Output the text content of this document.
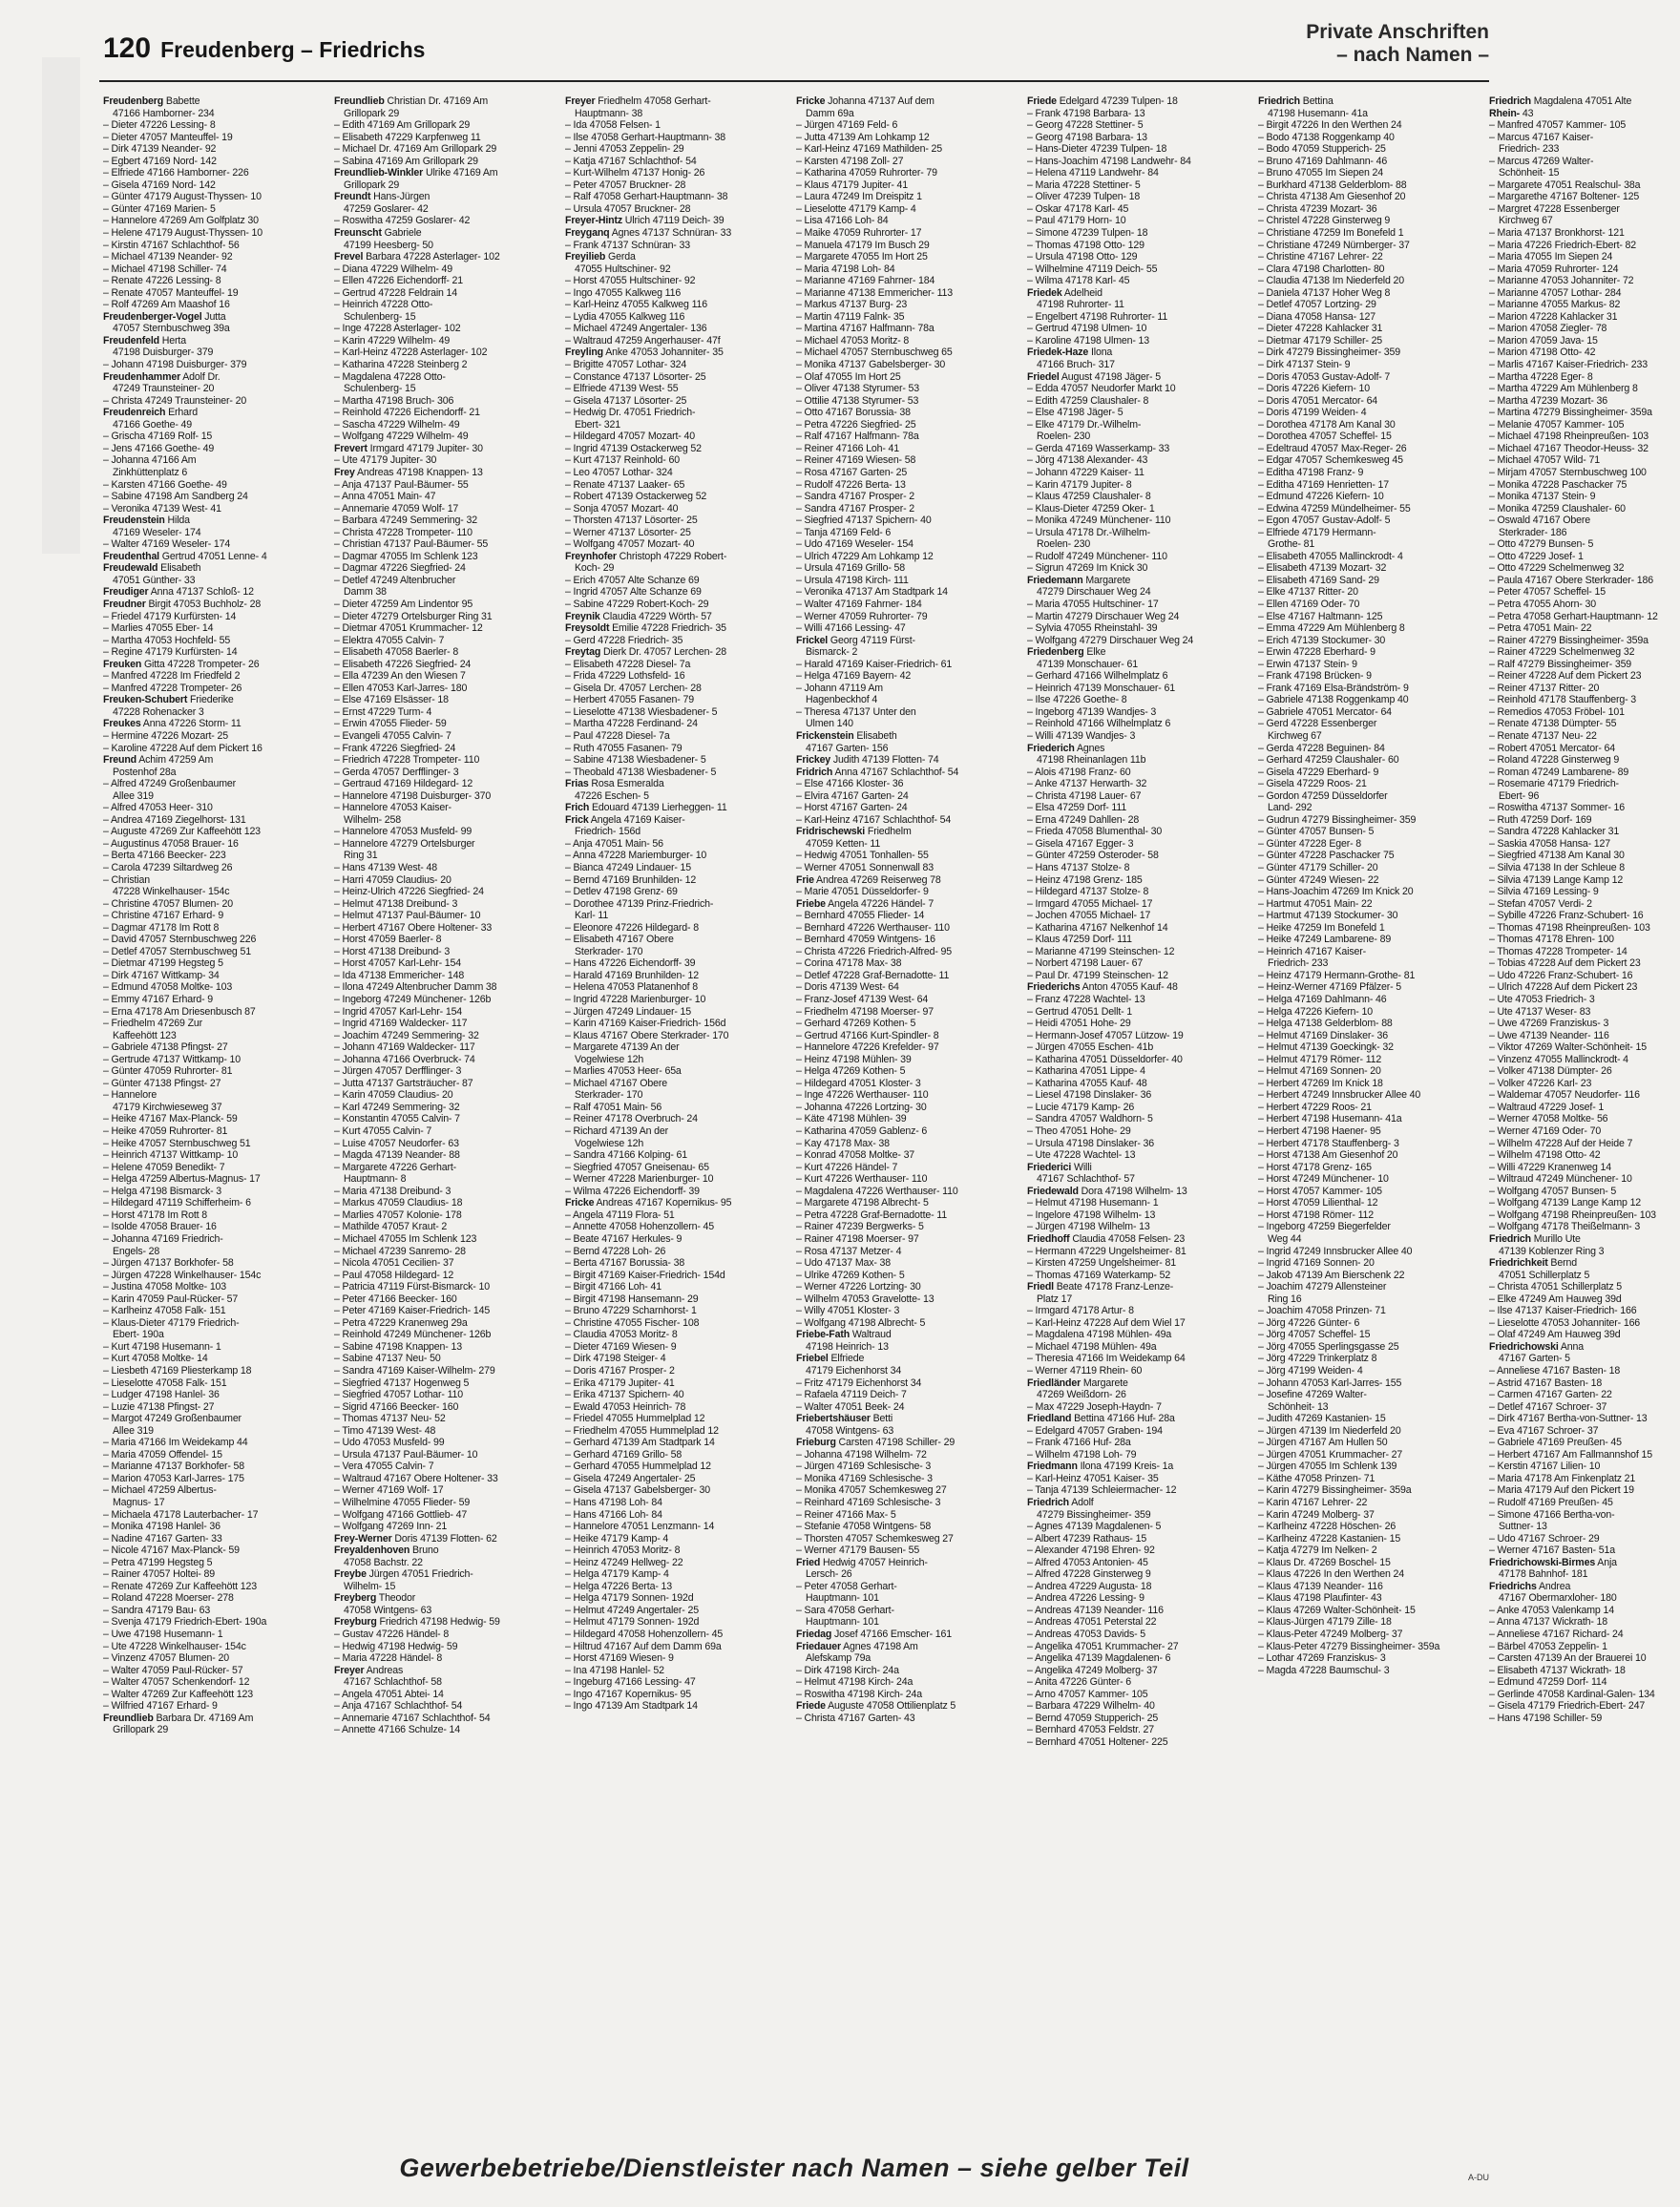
120 Freudenberg – Friedrichs
Private Anschriften
– nach Namen –
Freudenberg Babette
47166 Hamborner- 234
– Dieter 47226 Lessing- 8
– Dieter 47057 Manteuffel- 19
– Dirk 47139 Neander- 92
– Egbert 47169 Nord- 142
– Elfriede 47166 Hamborner- 226
– Gisela 47169 Nord- 142
– Günter 47179 August-Thyssen- 10
– Günter 47169 Marien- 5
– Hannelore 47269 Am Golfplatz 30
– Helene 47179 August-Thyssen- 10
– Kirstin 47167 Schlachthof- 56
– Michael 47139 Neander- 92
– Michael 47198 Schiller- 74
– Renate 47226 Lessing- 8
– Renate 47057 Manteuffel- 19
– Rolf 47269 Am Maashof 16
Freudenberger-Vogel Jutta
47057 Sternbuschweg 39a
Freudenfeld Herta
47198 Duisburger- 379
– Johann 47198 Duisburger- 379
Freudenhammer Adolf Dr.
47249 Traunsteiner- 20
– Christa 47249 Traunsteiner- 20
Freudenreich Erhard
47166 Goethe- 49
– Grischa 47169 Rolf- 15
– Jens 47166 Goethe- 49
– Johanna 47166 Am
Zinkhüttenplatz 6
– Karsten 47166 Goethe- 49
– Sabine 47198 Am Sandberg 24
– Veronika 47139 West- 41
Freudenstein Hilda
47169 Weseler- 174
– Walter 47169 Weseler- 174
Freudenthal Gertrud 47051 Lenne- 4
Freudewald Elisabeth
47051 Günther- 33
Freudiger Anna 47137 Schloß- 12
Freudner Birgit 47053 Buchholz- 28
– Friedel 47179 Kurfürsten- 14
– Marlies 47055 Eber- 14
– Martha 47053 Hochfeld- 55
– Regine 47179 Kurfürsten- 14
Freuken Gitta 47228 Trompeter- 26
– Manfred 47228 Im Friedfeld 2
– Manfred 47228 Trompeter- 26
Freuken-Schubert Friederike
47228 Rohenacker 3
Freukes Anna 47226 Storm- 11
– Hermine 47226 Mozart- 25
– Karoline 47228 Auf dem Pickert 16
Freund Achim 47259 Am
Postenhof 28a
– Alfred 47249 Großenbaumer
Allee 319
– Alfred 47053 Heer- 310
– Andrea 47169 Ziegelhorst- 131
– Auguste 47269 Zur Kaffeehött 123
– Augustinus 47058 Brauer- 16
– Berta 47166 Beecker- 223
– Carola 47239 Siltardweg 26
– Christian
47228 Winkelhauser- 154c
– Christine 47057 Blumen- 20
– Christine 47167 Erhard- 9
– Dagmar 47178 Im Rott 8
– David 47057 Sternbuschweg 226
– Detlef 47057 Sternbuschweg 51
– Dietmar 47199 Hegsteg 5
– Dirk 47167 Wittkamp- 34
– Edmund 47058 Moltke- 103
– Emmy 47167 Erhard- 9
– Erna 47178 Am Driesenbusch 87
– Friedhelm 47269 Zur
Kaffeehött 123
– Gabriele 47138 Pfingst- 27
– Gertrude 47137 Wittkamp- 10
– Günter 47059 Ruhrorter- 81
– Günter 47138 Pfingst- 27
– Hannelore
47179 Kirchwieseweg 37
– Heike 47167 Max-Planck- 59
– Heike 47059 Ruhrorter- 81
– Heike 47057 Sternbuschweg 51
– Heinrich 47137 Wittkamp- 10
– Helene 47059 Benedikt- 7
– Helga 47259 Albertus-Magnus- 17
– Helga 47198 Bismarck- 3
– Hildegard 47119 Schifferheim- 6
– Horst 47178 Im Rott 8
– Isolde 47058 Brauer- 16
– Johanna 47169 Friedrich-
Engels- 28
– Jürgen 47137 Borkhofer- 58
– Jürgen 47228 Winkelhauser- 154c
– Justina 47058 Moltke- 103
– Karin 47059 Paul-Rücker- 57
– Karlheinz 47058 Falk- 151
– Klaus-Dieter 47179 Friedrich-
Ebert- 190a
– Kurt 47198 Husemann- 1
– Kurt 47058 Moltke- 14
– Liesbeth 47169 Pliesterkamp 18
– Lieselotte 47058 Falk- 151
– Ludger 47198 Hanlel- 36
– Luzie 47138 Pfingst- 27
– Margot 47249 Großenbaumer
Allee 319
– Maria 47166 Im Weidekamp 44
– Maria 47059 Offendel- 15
– Marianne 47137 Borkhofer- 58
– Marion 47053 Karl-Jarres- 175
– Michael 47259 Albertus-
Magnus- 17
– Michaela 47178 Lauterbacher- 17
– Monika 47198 Hanlel- 36
– Nadine 47167 Garten- 33
– Nicole 47167 Max-Planck- 59
– Petra 47199 Hegsteg 5
– Rainer 47057 Holtei- 89
– Renate 47269 Zur Kaffeehött 123
– Roland 47228 Moerser- 278
– Sandra 47179 Bau- 63
– Svenja 47179 Friedrich-Ebert- 190a
– Uwe 47198 Husemann- 1
– Ute 47228 Winkelhauser- 154c
– Vinzenz 47057 Blumen- 20
– Walter 47059 Paul-Rücker- 57
– Walter 47057 Schenkendorf- 12
– Walter 47269 Zur Kaffeehött 123
– Wilfried 47167 Erhard- 9
Freundlieb Barbara Dr. 47169 Am
Grillopark 29
Freundlieb Christian Dr. 47169 Am
Grillopark 29
– Edith 47169 Am Grillopark 29
– Elisabeth 47229 Karpfenweg 11
– Michael Dr. 47169 Am Grillopark 29
– Sabina 47169 Am Grillopark 29
Freundlieb-Winkler Ulrike 47169 Am
Grillopark 29
Freundt Hans-Jürgen
47259 Goslarer- 42
– Roswitha 47259 Goslarer- 42
Freunscht Gabriele
47199 Heesberg- 50
Frevel Barbara 47228 Asterlager- 102
– Diana 47229 Wilhelm- 49
– Ellen 47226 Eichendorff- 21
– Gertrud 47228 Feldrain 14
– Heinrich 47228 Otto-
Schulenberg- 15
– Inge 47228 Asterlager- 102
– Karin 47229 Wilhelm- 49
– Karl-Heinz 47228 Asterlager- 102
– Katharina 47228 Steinberg 2
– Magdalena 47228 Otto-
Schulenberg- 15
– Martha 47198 Bruch- 306
– Reinhold 47226 Eichendorff- 21
– Sascha 47229 Wilhelm- 49
– Wolfgang 47229 Wilhelm- 49
Frevert Irmgard 47179 Jupiter- 30
– Ute 47179 Jupiter- 30
Frey Andreas 47198 Knappen- 13
– Anja 47137 Paul-Bäumer- 55
– Anna 47051 Main- 47
– Annemarie 47059 Wolf- 17
– Barbara 47249 Semmering- 32
– Christa 47228 Trompeter- 110
– Christian 47137 Paul-Bäumer- 55
– Dagmar 47055 Im Schlenk 123
– Dagmar 47226 Siegfried- 24
– Detlef 47249 Altenbrucher
Damm 38
– Dieter 47259 Am Lindentor 95
– Dieter 47279 Ortelsburger Ring 31
– Dietmar 47051 Krummacher- 12
– Elektra 47055 Calvin- 7
– Elisabeth 47058 Baerler- 8
– Elisabeth 47226 Siegfried- 24
– Ella 47239 An den Wiesen 7
– Ellen 47053 Karl-Jarres- 180
– Else 47169 Elsässer- 18
– Ernst 47229 Turm- 4
– Erwin 47055 Flieder- 59
– Evangeli 47055 Calvin- 7
– Frank 47226 Siegfried- 24
– Friedrich 47228 Trompeter- 110
– Gerda 47057 Derfflinger- 3
– Gertraud 47169 Hildegard- 12
– Hannelore 47198 Duisburger- 370
– Hannelore 47053 Kaiser-
Wilhelm- 258
– Hannelore 47053 Musfeld- 99
– Hannelore 47279 Ortelsburger
Ring 31
– Hans 47139 West- 48
– Harri 47059 Claudius- 20
– Heinz-Ulrich 47226 Siegfried- 24
– Helmut 47138 Dreibund- 3
– Helmut 47137 Paul-Bäumer- 10
– Herbert 47167 Obere Holtener- 33
– Horst 47059 Baerler- 8
– Horst 47138 Dreibund- 3
– Horst 47057 Karl-Lehr- 154
– Ida 47138 Emmericher- 148
– Ilona 47249 Altenbrucher Damm 38
– Ingeborg 47249 Münchener- 126b
– Ingrid 47057 Karl-Lehr- 154
– Ingrid 47169 Waldecker- 117
– Joachim 47249 Semmering- 32
– Johann 47169 Waldecker- 117
– Johanna 47166 Overbruck- 74
– Jürgen 47057 Derfflinger- 3
– Jutta 47137 Gartsträucher- 87
– Karin 47059 Claudius- 20
– Karl 47249 Semmering- 32
– Konstantin 47055 Calvin- 7
– Kurt 47055 Calvin- 7
– Luise 47057 Neudorfer- 63
– Magda 47139 Neander- 88
– Margarete 47226 Gerhart-
Hauptmann- 8
– Maria 47138 Dreibund- 3
– Markus 47059 Claudius- 18
– Marlies 47057 Kolonie- 178
– Mathilde 47057 Kraut- 2
– Michael 47055 Im Schlenk 123
– Michael 47239 Sanremo- 28
– Nicola 47051 Cecilien- 37
– Paul 47058 Hildegard- 12
– Patricia 47119 Fürst-Bismarck- 10
– Peter 47166 Beecker- 160
– Peter 47169 Kaiser-Friedrich- 145
– Petra 47229 Kranenweg 29a
– Reinhold 47249 Münchener- 126b
– Sabine 47198 Knappen- 13
– Sabine 47137 Neu- 50
– Sandra 47169 Kaiser-Wilhelm- 279
– Siegfried 47137 Hogenweg 5
– Siegfried 47057 Lothar- 110
– Sigrid 47166 Beecker- 160
– Thomas 47137 Neu- 52
– Timo 47139 West- 48
– Udo 47053 Musfeld- 99
– Ursula 47137 Paul-Bäumer- 10
– Vera 47055 Calvin- 7
– Waltraud 47167 Obere Holtener- 33
– Werner 47169 Wolf- 17
– Wilhelmine 47055 Flieder- 59
– Wolfgang 47166 Gottlieb- 47
– Wolfgang 47269 Inn- 21
Frey-Werner Doris 47139 Flotten- 62
Freyaldenhoven Bruno
47058 Bachstr. 22
Freybe Jürgen 47051 Friedrich-
Wilhelm- 15
Freyberg Theodor
47058 Wintgens- 63
Freyburg Friedrich 47198 Hedwig- 59
– Gustav 47226 Händel- 8
– Hedwig 47198 Hedwig- 59
– Maria 47228 Händel- 8
Freyer Andreas
47167 Schlachthof- 58
– Angela 47051 Abtei- 14
– Anja 47167 Schlachthof- 54
– Annemarie 47167 Schlachthof- 54
– Annette 47166 Schulze- 14
Freyer Friedhelm 47058 Gerhart-
Hauptmann- 38
– Ida 47058 Felsen- 1
– Ilse 47058 Gerhart-Hauptmann- 38
– Jenni 47053 Zeppelin- 29
– Katja 47167 Schlachthof- 54
– Kurt-Wilhelm 47137 Honig- 26
– Peter 47057 Bruckner- 28
– Ralf 47058 Gerhart-Hauptmann- 38
– Ursula 47057 Bruckner- 28
Freyer-Hintz Ulrich 47119 Deich- 39
Freyganq Agnes 47137 Schnüran- 33
– Frank 47137 Schnüran- 33
Freyilieb Gerda
47055 Hultschiner- 92
– Horst 47055 Hultschiner- 92
– Ingo 47055 Kalkweg 116
– Karl-Heinz 47055 Kalkweg 116
– Lydia 47055 Kalkweg 116
– Michael 47249 Angertaler- 136
– Waltraud 47259 Angerhauser- 47f
Freyling Anke 47053 Johanniter- 35
– Brigitte 47057 Lothar- 324
– Constance 47137 Lösorter- 25
– Elfriede 47139 West- 55
– Gisela 47137 Lösorter- 25
– Hedwig Dr. 47051 Friedrich-
Ebert- 321
– Hildegard 47057 Mozart- 40
– Ingrid 47139 Ostackerweg 52
– Kurt 47137 Reinhold- 60
– Leo 47057 Lothar- 324
– Renate 47137 Laaker- 65
– Robert 47139 Ostackerweg 52
– Sonja 47057 Mozart- 40
– Thorsten 47137 Lösorter- 25
– Werner 47137 Lösorter- 25
– Wolfgang 47057 Mozart- 40
Freynhofer Christoph 47229 Robert-
Koch- 29
– Erich 47057 Alte Schanze 69
– Ingrid 47057 Alte Schanze 69
– Sabine 47229 Robert-Koch- 29
Freynik Claudia 47229 Wörth- 57
Freysoldt Emilie 47228 Friedrich- 35
– Gerd 47228 Friedrich- 35
Freytag Dierk Dr. 47057 Lerchen- 28
– Elisabeth 47228 Diesel- 7a
– Frida 47229 Lothsfeld- 16
– Gisela Dr. 47057 Lerchen- 28
– Herbert 47055 Fasanen- 79
– Lieselotte 47138 Wiesbadener- 5
– Martha 47228 Ferdinand- 24
– Paul 47228 Diesel- 7a
– Ruth 47055 Fasanen- 79
– Sabine 47138 Wiesbadener- 5
– Theobald 47138 Wiesbadener- 5
Frias Rosa Esmeralda
47226 Eschen- 5
Frich Edouard 47139 Lierheggen- 11
Frick Angela 47169 Kaiser-
Friedrich- 156d
– Anja 47051 Main- 56
– Anna 47228 Mariemburger- 10
– Bianca 47249 Lindauer- 15
– Bernd 47169 Brunhilden- 12
– Detlev 47198 Grenz- 69
– Dorothee 47139 Prinz-Friedrich-
Karl- 11
– Eleonore 47226 Hildegard- 8
– Elisabeth 47167 Obere
Sterkrader- 170
– Hans 47226 Eichendorff- 39
– Harald 47169 Brunhilden- 12
– Helena 47053 Platanenhof 8
– Ingrid 47228 Marienburger- 10
– Jürgen 47249 Lindauer- 15
– Karin 47169 Kaiser-Friedrich- 156d
– Klaus 47167 Obere Sterkrader- 170
– Margarete 47139 An der
Vogelwiese 12h
– Marlies 47053 Heer- 65a
– Michael 47167 Obere
Sterkrader- 170
– Ralf 47051 Main- 56
– Reiner 47178 Overbruch- 24
– Richard 47139 An der
Vogelwiese 12h
– Sandra 47166 Kolping- 61
– Siegfried 47057 Gneisenau- 65
– Werner 47228 Marienburger- 10
– Wilma 47226 Eichendorff- 39
Fricke Andreas 47167 Kopernikus- 95
– Angela 47119 Flora- 51
– Annette 47058 Hohenzollern- 45
– Beate 47167 Herkules- 9
– Bernd 47228 Loh- 26
– Berta 47167 Borussia- 38
– Birgit 47169 Kaiser-Friedrich- 154d
– Birgit 47166 Loh- 41
– Birgit 47198 Hansemann- 29
– Bruno 47229 Scharnhorst- 1
– Christine 47055 Fischer- 108
– Claudia 47053 Moritz- 8
– Dieter 47169 Wiesen- 9
– Dirk 47198 Steiger- 4
– Doris 47167 Prosper- 2
– Erika 47179 Jupiter- 41
– Erika 47137 Spichern- 40
– Ewald 47053 Heinrich- 78
– Friedel 47055 Hummelplad 12
– Friedhelm 47055 Hummelplad 12
– Gerhard 47139 Am Stadtpark 14
– Gerhard 47169 Grillo- 58
– Gerhard 47055 Hummelplad 12
– Gisela 47249 Angertaler- 25
– Gisela 47137 Gabelsberger- 30
– Hans 47198 Loh- 84
– Hans 47166 Loh- 84
– Hannelore 47051 Lenzmann- 14
– Heike 47179 Kamp- 4
– Heinrich 47053 Moritz- 8
– Heinz 47249 Hellweg- 22
– Helga 47179 Kamp- 4
– Helga 47226 Berta- 13
– Helga 47179 Sonnen- 192d
– Helmut 47249 Angertaler- 25
– Helmut 47179 Sonnen- 192d
– Hildegard 47058 Hohenzollern- 45
– Hiltrud 47167 Auf dem Damm 69a
– Horst 47169 Wiesen- 9
– Ina 47198 Hanlel- 52
– Ingeburg 47166 Lessing- 47
– Ingo 47167 Kopernikus- 95
– Ingo 47139 Am Stadtpark 14
Fricke Johanna 47137 Auf dem
Damm 69a
– Jürgen 47169 Feld- 6
– Jutta 47139 Am Lohkamp 12
– Karl-Heinz 47169 Mathilden- 25
– Karsten 47198 Zoll- 27
– Katharina 47059 Ruhrorter- 79
– Klaus 47179 Jupiter- 41
– Laura 47249 Im Dreispitz 1
– Lieselotte 47179 Kamp- 4
– Lisa 47166 Loh- 84
– Maike 47059 Ruhrorter- 17
– Manuela 47179 Im Busch 29
– Margarete 47055 Im Hort 25
– Maria 47198 Loh- 84
– Marianne 47169 Fahrner- 184
– Marianne 47138 Emmericher- 113
– Markus 47137 Burg- 23
– Martin 47119 Falnk- 35
– Martina 47167 Halfmann- 78a
– Michael 47053 Moritz- 8
– Michael 47057 Sternbuschweg 65
– Monika 47137 Gabelsberger- 30
– Olaf 47055 Im Hort 25
– Oliver 47138 Styrumer- 53
– Ottilie 47138 Styrumer- 53
– Otto 47167 Borussia- 38
– Petra 47226 Siegfried- 25
– Ralf 47167 Halfmann- 78a
– Reiner 47166 Loh- 41
– Reiner 47169 Wiesen- 58
– Rosa 47167 Garten- 25
– Rudolf 47226 Berta- 13
– Sandra 47167 Prosper- 2
– Sandra 47167 Prosper- 2
– Siegfried 47137 Spichern- 40
– Tanja 47169 Feld- 6
– Udo 47169 Weseler- 154
– Ulrich 47229 Am Lohkamp 12
– Ursula 47169 Grillo- 58
– Ursula 47198 Kirch- 111
– Veronika 47137 Am Stadtpark 14
– Walter 47169 Fahrner- 184
– Werner 47059 Ruhrorter- 79
– Willi 47166 Lessing- 47
Frickel Georg 47119 Fürst-
Bismarck- 2
– Harald 47169 Kaiser-Friedrich- 61
– Helga 47169 Bayern- 42
– Johann 47119 Am
Hagenbeckhof 4
– Theresa 47137 Unter den
Ulmen 140
Frickenstein Elisabeth
47167 Garten- 156
Frickey Judith 47139 Flotten- 74
Fridrich Anna 47167 Schlachthof- 54
– Else 47166 Kloster- 36
– Elvira 47167 Garten- 24
– Horst 47167 Garten- 24
– Karl-Heinz 47167 Schlachthof- 54
Fridrischewski Friedhelm
47059 Ketten- 11
– Hedwig 47051 Tonhallen- 55
– Werner 47051 Sonnenwall 83
Frie Andrea 47269 Reiserweg 78
– Marie 47051 Düsseldorfer- 9
Friebe Angela 47226 Händel- 7
– Bernhard 47055 Flieder- 14
– Bernhard 47226 Werthauser- 110
– Bernhard 47059 Wintgens- 16
– Christa 47226 Friedrich-Alfred- 95
– Corina 47178 Max- 38
– Detlef 47228 Graf-Bernadotte- 11
– Doris 47139 West- 64
– Franz-Josef 47139 West- 64
– Friedhelm 47198 Moerser- 97
– Gerhard 47269 Kothen- 5
– Gertrud 47166 Kurt-Spindler- 8
– Hannelore 47226 Krefelder- 97
– Heinz 47198 Mühlen- 39
– Helga 47269 Kothen- 5
– Hildegard 47051 Kloster- 3
– Inge 47226 Werthauser- 110
– Johanna 47226 Lortzing- 30
– Käte 47198 Mühlen- 39
– Katharina 47059 Gablenz- 6
– Kay 47178 Max- 38
– Konrad 47058 Moltke- 37
– Kurt 47226 Händel- 7
– Kurt 47226 Werthauser- 110
– Magdalena 47226 Werthauser- 110
– Margarete 47198 Albrecht- 5
– Petra 47228 Graf-Bernadotte- 11
– Rainer 47239 Bergwerks- 5
– Rainer 47198 Moerser- 97
– Rosa 47137 Metzer- 4
– Udo 47137 Max- 38
– Ulrike 47269 Kothen- 5
– Werner 47226 Lortzing- 30
– Wilhelm 47053 Gravelotte- 13
– Willy 47051 Kloster- 3
– Wolfgang 47198 Albrecht- 5
Friebe-Fath Waltraud
47198 Heinrich- 13
Friebel Elfriede
47179 Eichenhorst 34
– Fritz 47179 Eichenhorst 34
– Rafaela 47119 Deich- 7
– Walter 47051 Beek- 24
Friebertshäuser Betti
47058 Wintgens- 63
Frieburg Carsten 47198 Schiller- 29
– Johanna 47198 Wilhelm- 72
– Jürgen 47169 Schlesische- 3
– Monika 47169 Schlesische- 3
– Monika 47057 Schemkesweg 27
– Reinhard 47169 Schlesische- 3
– Reiner 47166 Max- 5
– Stefanie 47058 Wintgens- 58
– Thorsten 47057 Schemkesweg 27
– Werner 47179 Bausen- 55
Fried Hedwig 47057 Heinrich-
Lersch- 26
– Peter 47058 Gerhart-
Hauptmann- 101
– Sara 47058 Gerhart-
Hauptmann- 101
Friedag Josef 47166 Emscher- 161
Friedauer Agnes 47198 Am
Alefskamp 79a
– Dirk 47198 Kirch- 24a
– Helmut 47198 Kirch- 24a
– Roswitha 47198 Kirch- 24a
Friede Auguste 47058 Ottilienplatz 5
– Christa 47167 Garten- 43
Friede Edelgard 47239 Tulpen- 18
– Frank 47198 Barbara- 13
– Georg 47228 Stettiner- 5
– Georg 47198 Barbara- 13
– Hans-Dieter 47239 Tulpen- 18
– Hans-Joachim 47198 Landwehr- 84
– Helena 47119 Landwehr- 84
– Maria 47228 Stettiner- 5
– Oliver 47239 Tulpen- 18
– Oskar 47178 Karl- 45
– Paul 47179 Horn- 10
– Simone 47239 Tulpen- 18
– Thomas 47198 Otto- 129
– Ursula 47198 Otto- 129
– Wilhelmine 47119 Deich- 55
– Wilma 47178 Karl- 45
Friedek Adelheid
47198 Ruhrorter- 11
– Engelbert 47198 Ruhrorter- 11
– Gertrud 47198 Ulmen- 10
– Karoline 47198 Ulmen- 13
Friedek-Haze Ilona
47166 Bruch- 317
Friedel August 47198 Jäger- 5
– Edda 47057 Neudorfer Markt 10
– Edith 47259 Claushaler- 8
– Else 47198 Jäger- 5
– Elke 47179 Dr.-Wilhelm-
Roelen- 230
– Gerda 47169 Wasserkamp- 33
– Jörg 47138 Alexander- 43
– Johann 47229 Kaiser- 11
– Karin 47179 Jupiter- 8
– Klaus 47259 Claushaler- 8
– Klaus-Dieter 47259 Oker- 1
– Monika 47249 Münchener- 110
– Ursula 47178 Dr.-Wilhelm-
Roelen- 230
– Rudolf 47249 Münchener- 110
– Sigrun 47269 Im Knick 30
Friedemann Margarete
47279 Dirschauer Weg 24
– Maria 47055 Hultschiner- 17
– Martin 47279 Dirschauer Weg 24
– Sylvia 47055 Rheinstahl- 39
– Wolfgang 47279 Dirschauer Weg 24
Friedenberg Elke
47139 Monschauer- 61
– Gerhard 47166 Wilhelmplatz 6
– Heinrich 47139 Monschauer- 61
– Ilse 47226 Goethe- 8
– Ingeborg 47139 Wandjes- 3
– Reinhold 47166 Wilhelmplatz 6
– Willi 47139 Wandjes- 3
Friederich Agnes
47198 Rheinanlagen 11b
– Alois 47198 Franz- 60
– Anke 47137 Herwarth- 32
– Christa 47198 Lauer- 67
– Elsa 47259 Dorf- 111
– Erna 47249 Dahllen- 28
– Frieda 47058 Blumenthal- 30
– Gisela 47167 Egger- 3
– Günter 47259 Osteroder- 58
– Hans 47137 Stolze- 8
– Heinz 47198 Grenz- 185
– Hildegard 47137 Stolze- 8
– Irmgard 47055 Michael- 17
– Jochen 47055 Michael- 17
– Katharina 47167 Nelkenhof 14
– Klaus 47259 Dorf- 111
– Marianne 47199 Steinschen- 12
– Norbert 47198 Lauer- 67
– Paul Dr. 47199 Steinschen- 12
Friederichs Anton 47055 Kauf- 48
– Franz 47228 Wachtel- 13
– Gertrud 47051 Dellt- 1
– Heidi 47051 Hohe- 29
– Hermann-Josef 47057 Lützow- 19
– Jürgen 47055 Eschen- 41b
– Katharina 47051 Düsseldorfer- 40
– Katharina 47051 Lippe- 4
– Katharina 47055 Kauf- 48
– Liesel 47198 Dinslaker- 36
– Lucie 47179 Kamp- 26
– Sandra 47057 Waldhorn- 5
– Theo 47051 Hohe- 29
– Ursula 47198 Dinslaker- 36
– Ute 47228 Wachtel- 13
Friederici Willi
47167 Schlachthof- 57
Friedewald Dora 47198 Wilhelm- 13
– Helmut 47198 Husemann- 1
– Ingelore 47198 Wilhelm- 13
– Jürgen 47198 Wilhelm- 13
Friedhoff Claudia 47058 Felsen- 23
– Hermann 47229 Ungelsheimer- 81
– Kirsten 47259 Ungelsheimer- 81
– Thomas 47169 Waterkamp- 52
Friedl Beate 47178 Franz-Lenze-
Platz 17
– Irmgard 47178 Artur- 8
– Karl-Heinz 47228 Auf dem Wiel 17
– Magdalena 47198 Mühlen- 49a
– Michael 47198 Mühlen- 49a
– Theresia 47166 Im Weidekamp 64
– Werner 47119 Rhein- 60
Friedländer Margarete
47269 Weißdorn- 26
– Max 47229 Joseph-Haydn- 7
Friedland Bettina 47166 Huf- 28a
– Edelgard 47057 Graben- 194
– Frank 47166 Huf- 28a
– Wilhelm 47198 Loh- 79
Friedmann Ilona 47199 Kreis- 1a
– Karl-Heinz 47051 Kaiser- 35
– Tanja 47139 Schleiermacher- 12
Friedrich Adolf
47279 Bissingheimer- 359
– Agnes 47139 Magdalenen- 5
– Albert 47239 Rathaus- 15
– Alexander 47198 Ehren- 92
– Alfred 47053 Antonien- 45
– Alfred 47228 Ginsterweg 9
– Andrea 47229 Augusta- 18
– Andrea 47226 Lessing- 9
– Andreas 47139 Neander- 116
– Andreas 47051 Peterstal 22
– Andreas 47053 Davids- 5
– Angelika 47051 Krummacher- 27
– Angelika 47139 Magdalenen- 6
– Angelika 47249 Molberg- 37
– Anita 47226 Günter- 6
– Arno 47057 Kammer- 105
– Barbara 47229 Wilhelm- 40
– Bernd 47059 Stupperich- 25
– Bernhard 47053 Feldstr. 27
– Bernhard 47051 Holtener- 225
Friedrich Bettina
47198 Husemann- 41a
– Birgit 47226 In den Werthen 24
– Bodo 47138 Roggenkamp 40
– Bodo 47059 Stupperich- 25
– Bruno 47169 Dahlmann- 46
– Bruno 47055 Im Siepen 24
– Burkhard 47138 Gelderblom- 88
– Christa 47138 Am Giesenhof 20
– Christa 47239 Mozart- 36
– Christel 47228 Ginsterweg 9
– Christiane 47259 Im Bonefeld 1
– Christiane 47249 Nürnberger- 37
– Christine 47167 Lehrer- 22
– Clara 47198 Charlotten- 80
– Claudia 47138 Im Niederfeld 20
– Daniela 47137 Hoher Weg 8
– Detlef 47057 Lortzing- 29
– Diana 47058 Hansa- 127
– Dieter 47228 Kahlacker 31
– Dietmar 47179 Schiller- 25
– Dirk 47279 Bissingheimer- 359
– Dirk 47137 Stein- 9
– Doris 47053 Gustav-Adolf- 7
– Doris 47226 Kiefern- 10
– Doris 47051 Mercator- 64
– Doris 47199 Weiden- 4
– Dorothea 47178 Am Kanal 30
– Dorothea 47057 Scheffel- 15
– Edeltraud 47057 Max-Reger- 26
– Edgar 47057 Schemkesweg 45
– Editha 47198 Franz- 9
– Editha 47169 Henrietten- 17
– Edmund 47226 Kiefern- 10
– Edwina 47259 Mündelheimer- 55
– Egon 47057 Gustav-Adolf- 5
– Elfriede 47179 Hermann-
Grothe- 81
– Elisabeth 47055 Mallinckrodt- 4
– Elisabeth 47139 Mozart- 32
– Elisabeth 47169 Sand- 29
– Elke 47137 Ritter- 20
– Ellen 47169 Oder- 70
– Else 47167 Haltmann- 125
– Emma 47229 Am Mühlenberg 8
– Erich 47139 Stockumer- 30
– Erwin 47228 Eberhard- 9
– Erwin 47137 Stein- 9
– Frank 47198 Brücken- 9
– Frank 47169 Elsa-Brändström- 9
– Gabriele 47138 Roggenkamp 40
– Gabriele 47051 Mercator- 64
– Gerd 47228 Essenberger
Kirchweg 67
– Gerda 47228 Beguinen- 84
– Gerhard 47259 Claushaler- 60
– Gisela 47229 Eberhard- 9
– Gisela 47229 Roos- 21
– Gordon 47259 Düsseldorfer
Land- 292
– Gudrun 47279 Bissingheimer- 359
– Günter 47057 Bunsen- 5
– Günter 47228 Eger- 8
– Günter 47228 Paschacker 75
– Günter 47179 Schiller- 20
– Günter 47249 Wiesen- 22
– Hans-Joachim 47269 Im Knick 20
– Hartmut 47051 Main- 22
– Hartmut 47139 Stockumer- 30
– Heike 47259 Im Bonefeld 1
– Heike 47249 Lambarene- 89
– Heinrich 47167 Kaiser-
Friedrich- 233
– Heinz 47179 Hermann-Grothe- 81
– Heinz-Werner 47169 Pfälzer- 5
– Helga 47169 Dahlmann- 46
– Helga 47226 Kiefern- 10
– Helga 47138 Gelderblom- 88
– Helmut 47169 Dinslaker- 36
– Helmut 47139 Goeckingk- 32
– Helmut 47179 Römer- 112
– Helmut 47169 Sonnen- 20
– Herbert 47269 Im Knick 18
– Herbert 47249 Innsbrucker Allee 40
– Herbert 47229 Roos- 21
– Herbert 47198 Husemann- 41a
– Herbert 47198 Haener- 95
– Herbert 47178 Stauffenberg- 3
– Horst 47138 Am Giesenhof 20
– Horst 47178 Grenz- 165
– Horst 47249 Münchener- 10
– Horst 47057 Kammer- 105
– Horst 47059 Lilienthal- 12
– Horst 47198 Römer- 112
– Ingeborg 47259 Biegerfelder
Weg 44
– Ingrid 47249 Innsbrucker Allee 40
– Ingrid 47169 Sonnen- 20
– Jakob 47139 Am Bierschenk 22
– Joachim 47279 Allensteiner
Ring 16
– Joachim 47058 Prinzen- 71
– Jörg 47226 Günter- 6
– Jörg 47057 Scheffel- 15
– Jörg 47055 Sperlingsgasse 25
– Jörg 47229 Trinkerplatz 8
– Jörg 47199 Weiden- 4
– Johann 47053 Karl-Jarres- 155
– Josefine 47269 Walter-
Schönheit- 13
– Judith 47269 Kastanien- 15
– Jürgen 47139 Im Niederfeld 20
– Jürgen 47167 Am Hullen 50
– Jürgen 47051 Krummacher- 27
– Jürgen 47055 Im Schlenk 139
– Käthe 47058 Prinzen- 71
– Karin 47279 Bissingheimer- 359a
– Karin 47167 Lehrer- 22
– Karin 47249 Molberg- 37
– Karlheinz 47228 Höschen- 26
– Karlheinz 47228 Kastanien- 15
– Katja 47279 Im Nelken- 2
– Klaus Dr. 47269 Boschel- 15
– Klaus 47226 In den Werthen 24
– Klaus 47139 Neander- 116
– Klaus 47198 Plaufinter- 43
– Klaus 47269 Walter-Schönheit- 15
– Klaus-Jürgen 47179 Zille- 18
– Klaus-Peter 47249 Molberg- 37
– Klaus-Peter 47279 Bissingheimer- 359a
– Lothar 47269 Franziskus- 3
– Magda 47228 Baumschul- 3
Friedrich Magdalena 47051 Alte
Rhein- 43
– Manfred 47057 Kammer- 105
– Marcus 47167 Kaiser-
Friedrich- 233
– Marcus 47269 Walter-
Schönheit- 15
– Margarete 47051 Realschul- 38a
– Margarethe 47167 Boltener- 125
– Margret 47228 Essenberger
Kirchweg 67
– Maria 47137 Bronkhorst- 121
– Maria 47226 Friedrich-Ebert- 82
– Maria 47055 Im Siepen 24
– Maria 47059 Ruhrorter- 124
– Marianne 47053 Johanniter- 72
– Marianne 47057 Lothar- 284
– Marianne 47055 Markus- 82
– Marion 47228 Kahlacker 31
– Marion 47058 Ziegler- 78
– Marion 47059 Java- 15
– Marion 47198 Otto- 42
– Marlis 47167 Kaiser-Friedrich- 233
– Martha 47228 Eger- 8
– Martha 47229 Am Mühlenberg 8
– Martha 47239 Mozart- 36
– Martina 47279 Bissingheimer- 359a
– Melanie 47057 Kammer- 105
– Michael 47198 Rheinpreußen- 103
– Michael 47167 Theodor-Heuss- 32
– Michael 47057 Wild- 71
– Mirjam 47057 Sternbuschweg 100
– Monika 47228 Paschacker 75
– Monika 47137 Stein- 9
– Monika 47259 Claushaler- 60
– Oswald 47167 Obere
Sterkrader- 186
– Otto 47279 Bunsen- 5
– Otto 47229 Josef- 1
– Otto 47229 Schelmenweg 32
– Paula 47167 Obere Sterkrader- 186
– Peter 47057 Scheffel- 15
– Petra 47055 Ahorn- 30
– Petra 47058 Gerhart-Hauptmann- 12
– Petra 47051 Main- 22
– Rainer 47279 Bissingheimer- 359a
– Rainer 47229 Schelmenweg 32
– Ralf 47279 Bissingheimer- 359
– Reiner 47228 Auf dem Pickert 23
– Reiner 47137 Ritter- 20
– Reinhold 47178 Stauffenberg- 3
– Remedios 47053 Fröbel- 101
– Renate 47138 Dümpter- 55
– Renate 47137 Neu- 22
– Robert 47051 Mercator- 64
– Roland 47228 Ginsterweg 9
– Roman 47249 Lambarene- 89
– Rosemarie 47179 Friedrich-
Ebert- 96
– Roswitha 47137 Sommer- 16
– Ruth 47259 Dorf- 169
– Sandra 47228 Kahlacker 31
– Saskia 47058 Hansa- 127
– Siegfried 47138 Am Kanal 30
– Silvia 47138 In der Schleue 8
– Silvia 47139 Lange Kamp 12
– Silvia 47169 Lessing- 9
– Stefan 47057 Verdi- 2
– Sybille 47226 Franz-Schubert- 16
– Thomas 47198 Rheinpreußen- 103
– Thomas 47178 Ehren- 100
– Thomas 47228 Trompeter- 14
– Tobias 47228 Auf dem Pickert 23
– Udo 47226 Franz-Schubert- 16
– Ulrich 47228 Auf dem Pickert 23
– Ute 47053 Friedrich- 3
– Ute 47137 Weser- 83
– Uwe 47269 Franziskus- 3
– Uwe 47139 Neander- 116
– Viktor 47269 Walter-Schönheit- 15
– Vinzenz 47055 Mallinckrodt- 4
– Volker 47138 Dümpter- 26
– Volker 47226 Karl- 23
– Waldemar 47057 Neudorfer- 116
– Waltraud 47229 Josef- 1
– Werner 47058 Moltke- 56
– Werner 47169 Oder- 70
– Wilhelm 47228 Auf der Heide 7
– Wilhelm 47198 Otto- 42
– Willi 47229 Kranenweg 14
– Wiltraud 47249 Münchener- 10
– Wolfgang 47057 Bunsen- 5
– Wolfgang 47139 Lange Kamp 12
– Wolfgang 47198 Rheinpreußen- 103
– Wolfgang 47178 Theißelmann- 3
Friedrich Murillo Ute
47139 Koblenzer Ring 3
Friedrichkeit Bernd
47051 Schillerplatz 5
– Christa 47051 Schillerplatz 5
– Elke 47249 Am Hauweg 39d
– Ilse 47137 Kaiser-Friedrich- 166
– Lieselotte 47053 Johanniter- 166
– Olaf 47249 Am Hauweg 39d
Friedrichowski Anna
47167 Garten- 5
– Anneliese 47167 Basten- 18
– Astrid 47167 Basten- 18
– Carmen 47167 Garten- 22
– Detlef 47167 Schroer- 37
– Dirk 47167 Bertha-von-Suttner- 13
– Eva 47167 Schroer- 37
– Gabriele 47169 Preußen- 45
– Herbert 47167 Am Fallmannshof 15
– Kerstin 47167 Lilien- 10
– Maria 47178 Am Finkenplatz 21
– Maria 47179 Auf den Pickert 19
– Rudolf 47169 Preußen- 45
– Simone 47166 Bertha-von-
Suttner- 13
– Udo 47167 Schroer- 29
– Werner 47167 Basten- 51a
Friedrichowski-Birmes Anja
47178 Bahnhof- 181
Friedrichs Andrea
47167 Obermarxloher- 180
– Anke 47053 Valenkamp 14
– Anna 47137 Wickrath- 18
– Anneliese 47167 Richard- 24
– Bärbel 47053 Zeppelin- 1
– Carsten 47139 An der Brauerei 10
– Elisabeth 47137 Wickrath- 18
– Edmund 47259 Dorf- 114
– Gerlinde 47058 Kardinal-Galen- 134
– Gisela 47179 Friedrich-Ebert- 247
– Hans 47198 Schiller- 59
Gewerbebetriebe/Dienstleister nach Namen – siehe gelber Teil	A-DU
